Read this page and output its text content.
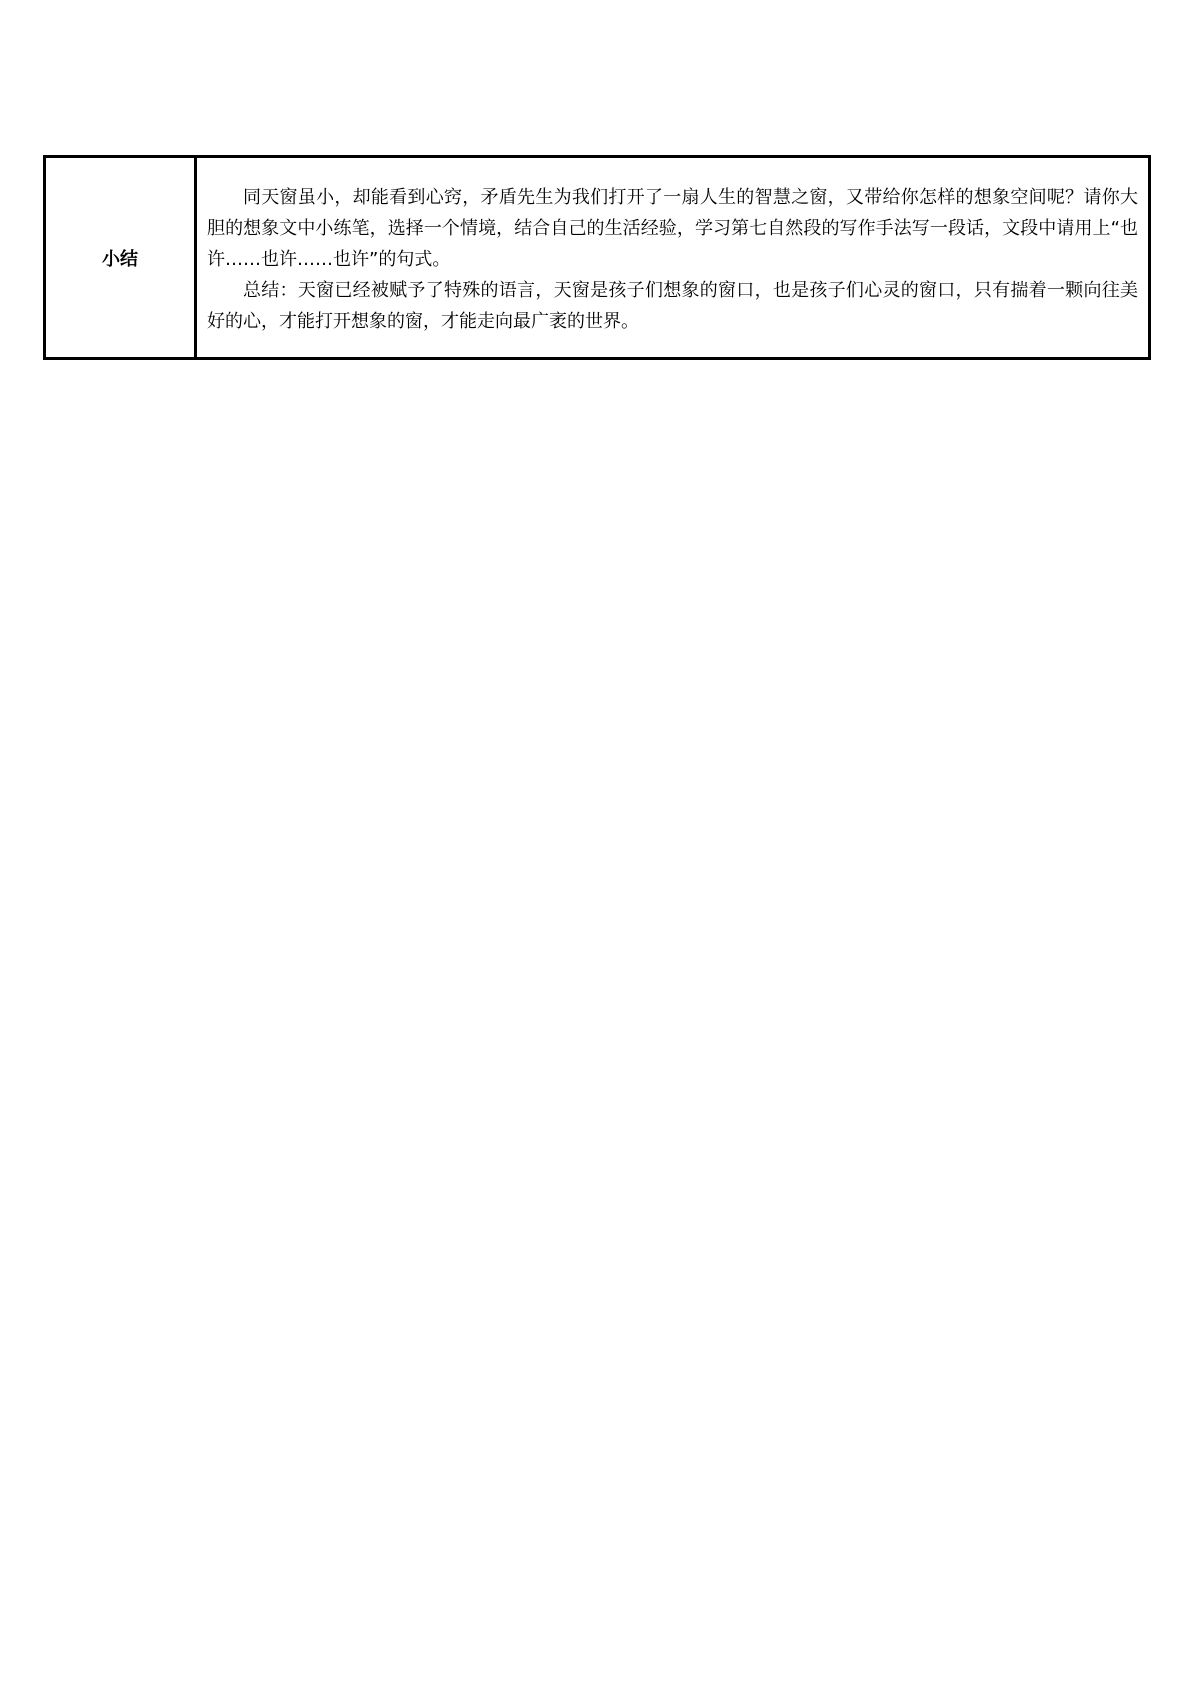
小结	

同天窗虽小，却能看到心窍，矛盾先生为我们打开了一扇人生的智慧之窗，又带给你怎样的想象空间呢？请你大胆的想象文中小练笔，选择一个情境，结合自己的生活经验，学习第七自然段的写作手法写一段话，文段中请用上“也许……也许……也许”的句式。

总结：天窗已经被赋予了特殊的语言，天窗是孩子们想象的窗口，也是孩子们心灵的窗口，只有揣着一颗向往美好的心，才能打开想象的窗，才能走向最广袤的世界。
